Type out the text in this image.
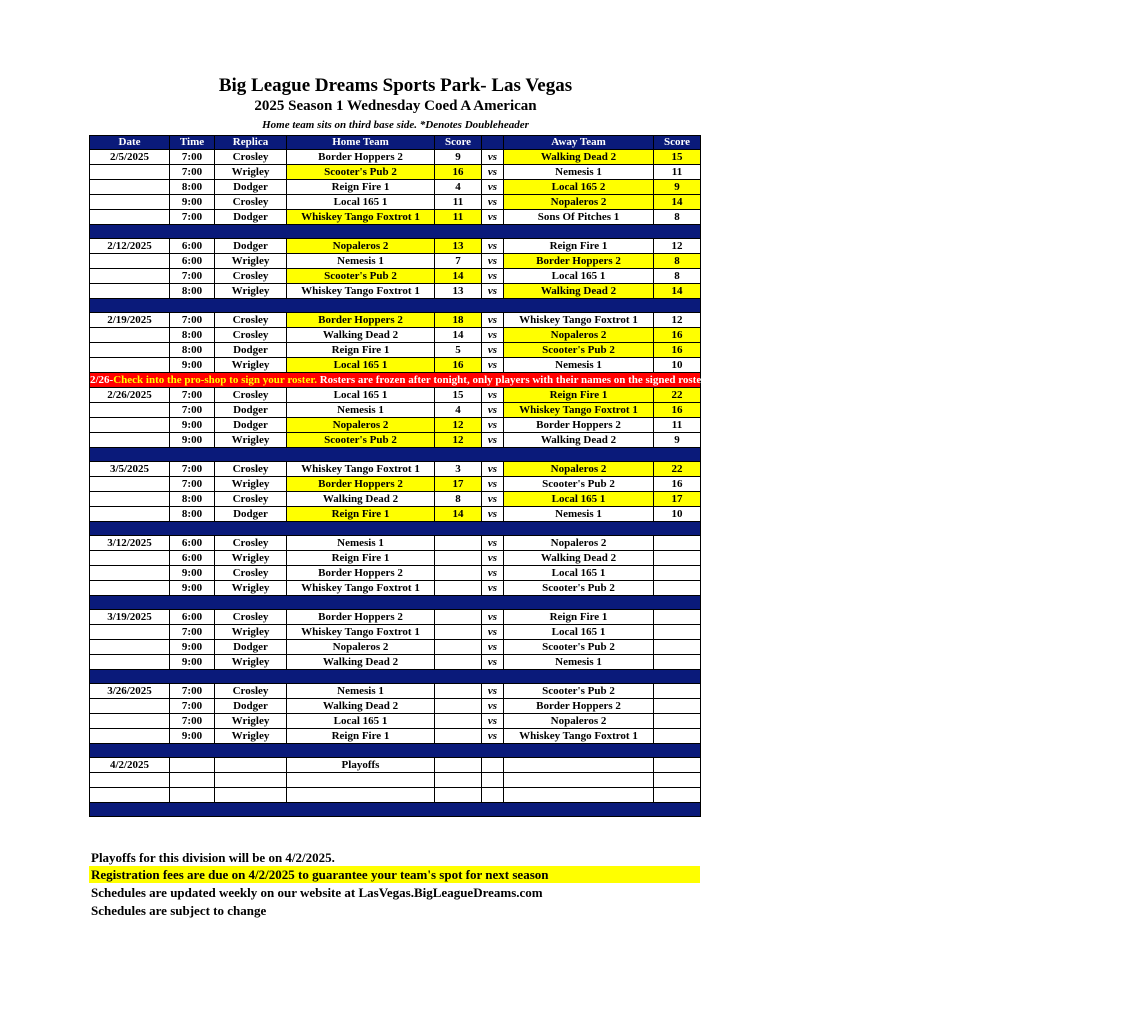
Big League Dreams Sports Park- Las Vegas
2025 Season 1 Wednesday Coed A American
Home team sits on third base side. *Denotes Doubleheader
Date	Time	Replica	Home Team	Score		Away Team	Score
2/5/2025	7:00	Crosley	Border Hoppers 2	9	vs	Walking Dead 2	15
	7:00	Wrigley	Scooter's Pub 2	16	vs	Nemesis 1	11
	8:00	Dodger	Reign Fire 1	4	vs	Local 165 2	9
	9:00	Crosley	Local 165 1	11	vs	Nopaleros 2	14
	7:00	Dodger	Whiskey Tango Foxtrot 1	11	vs	Sons Of Pitches 1	8

2/12/2025	6:00	Dodger	Nopaleros 2	13	vs	Reign Fire 1	12
	6:00	Wrigley	Nemesis 1	7	vs	Border Hoppers 2	8
	7:00	Crosley	Scooter's Pub 2	14	vs	Local 165 1	8
	8:00	Wrigley	Whiskey Tango Foxtrot 1	13	vs	Walking Dead 2	14

2/19/2025	7:00	Crosley	Border Hoppers 2	18	vs	Whiskey Tango Foxtrot 1	12
	8:00	Crosley	Walking Dead 2	14	vs	Nopaleros 2	16
	8:00	Dodger	Reign Fire 1	5	vs	Scooter's Pub 2	16
	9:00	Wrigley	Local 165 1	16	vs	Nemesis 1	10
2/26-Check into the pro-shop to sign your roster. Rosters are frozen after tonight, only players with their names on the signed roster are eligible for playoffs. Please check carefully as changes will not be made for omissions.							
2/26/2025	7:00	Crosley	Local 165 1	15	vs	Reign Fire 1	22
	7:00	Dodger	Nemesis 1	4	vs	Whiskey Tango Foxtrot 1	16
	9:00	Dodger	Nopaleros 2	12	vs	Border Hoppers 2	11
	9:00	Wrigley	Scooter's Pub 2	12	vs	Walking Dead 2	9

3/5/2025	7:00	Crosley	Whiskey Tango Foxtrot 1	3	vs	Nopaleros 2	22
	7:00	Wrigley	Border Hoppers 2	17	vs	Scooter's Pub 2	16
	8:00	Crosley	Walking Dead 2	8	vs	Local 165 1	17
	8:00	Dodger	Reign Fire 1	14	vs	Nemesis 1	10

3/12/2025	6:00	Crosley	Nemesis 1		vs	Nopaleros 2	
	6:00	Wrigley	Reign Fire 1		vs	Walking Dead 2	
	9:00	Crosley	Border Hoppers 2		vs	Local 165 1	
	9:00	Wrigley	Whiskey Tango Foxtrot 1		vs	Scooter's Pub 2	

3/19/2025	6:00	Crosley	Border Hoppers 2		vs	Reign Fire 1	
	7:00	Wrigley	Whiskey Tango Foxtrot 1		vs	Local 165 1	
	9:00	Dodger	Nopaleros 2		vs	Scooter's Pub 2	
	9:00	Wrigley	Walking Dead 2		vs	Nemesis 1	

3/26/2025	7:00	Crosley	Nemesis 1		vs	Scooter's Pub 2	
	7:00	Dodger	Walking Dead 2		vs	Border Hoppers 2	
	7:00	Wrigley	Local 165 1		vs	Nopaleros 2	
	9:00	Wrigley	Reign Fire 1		vs	Whiskey Tango Foxtrot 1	

4/2/2025			Playoffs				

Playoffs for this division will be on 4/2/2025.
Registration fees are due on 4/2/2025 to guarantee your team's spot for next season
Schedules are updated weekly on our website at LasVegas.BigLeagueDreams.com
Schedules are subject to change
